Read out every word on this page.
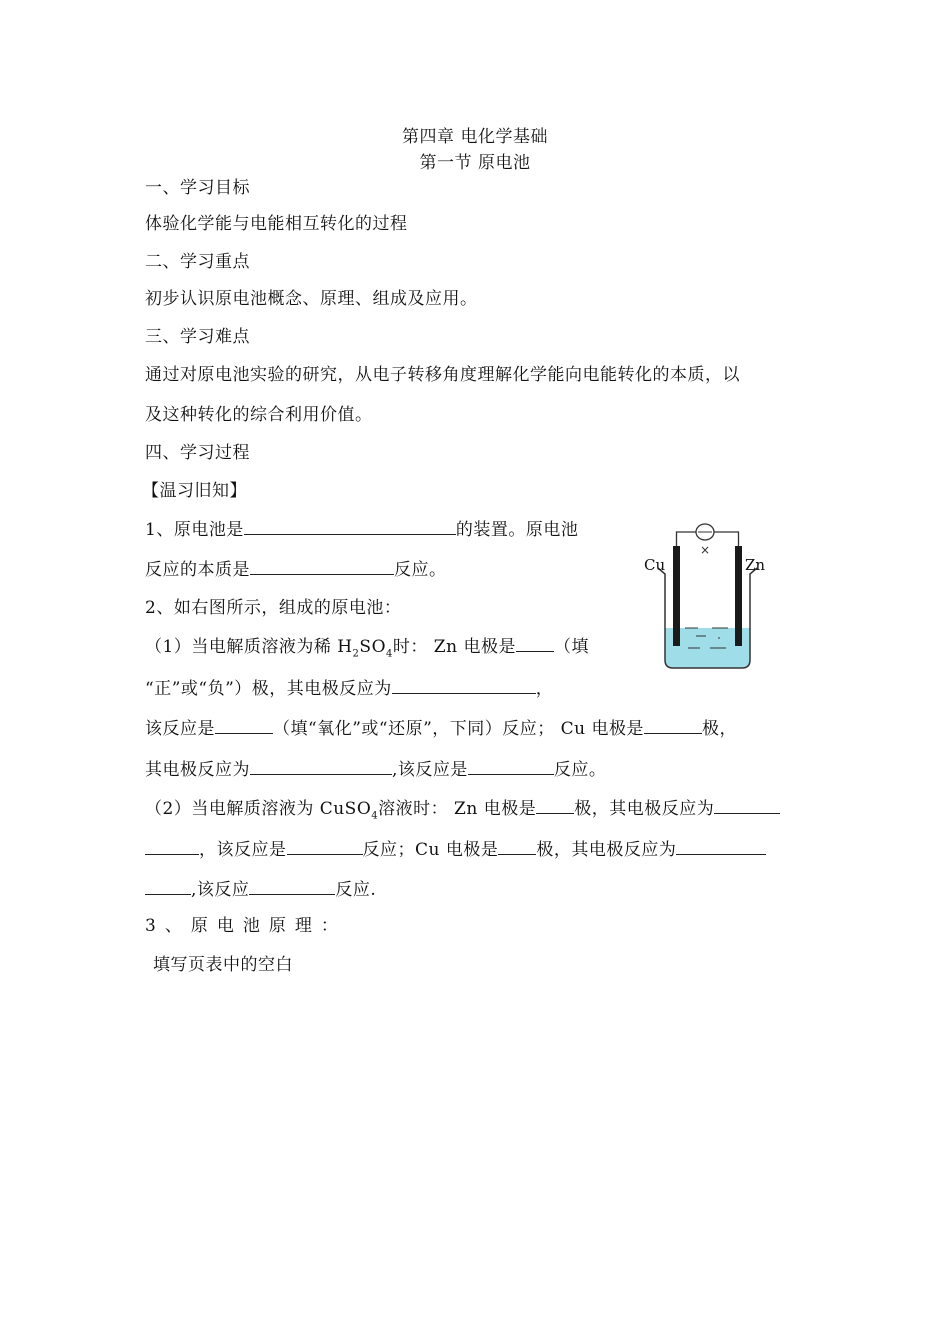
第四章 电化学基础
第一节 原电池
一、学习目标
体验化学能与电能相互转化的过程
二、学习重点
初步认识原电池概念、原理、组成及应用。
三、学习难点
通过对原电池实验的研究，从电子转移角度理解化学能向电能转化的本质，以
及这种转化的综合利用价值。
四、学习过程
【温习旧知】
1、原电池是	的装置。原电池
反应的本质是	反应。
2、如右图所示，组成的原电池：
（1）当电解质溶液为稀 $H_2SO_4$时： Zn 电极是 （填
“正”或“负”）极，其电极反应为	，
该反应是	（填“氧化”或“还原”，下同）反应； Cu 电极是	极，
其电极反应为	,该反应是	反应。
（2）当电解质溶液为 CuSO$_4$溶液时： Zn 电极是 极，其电极反应为
，该反应是	反应；Cu 电极是 极，其电极反应为
,该反应	反应.
3、原电池原理：
填写页表中的空白
×
Cu	Zn
